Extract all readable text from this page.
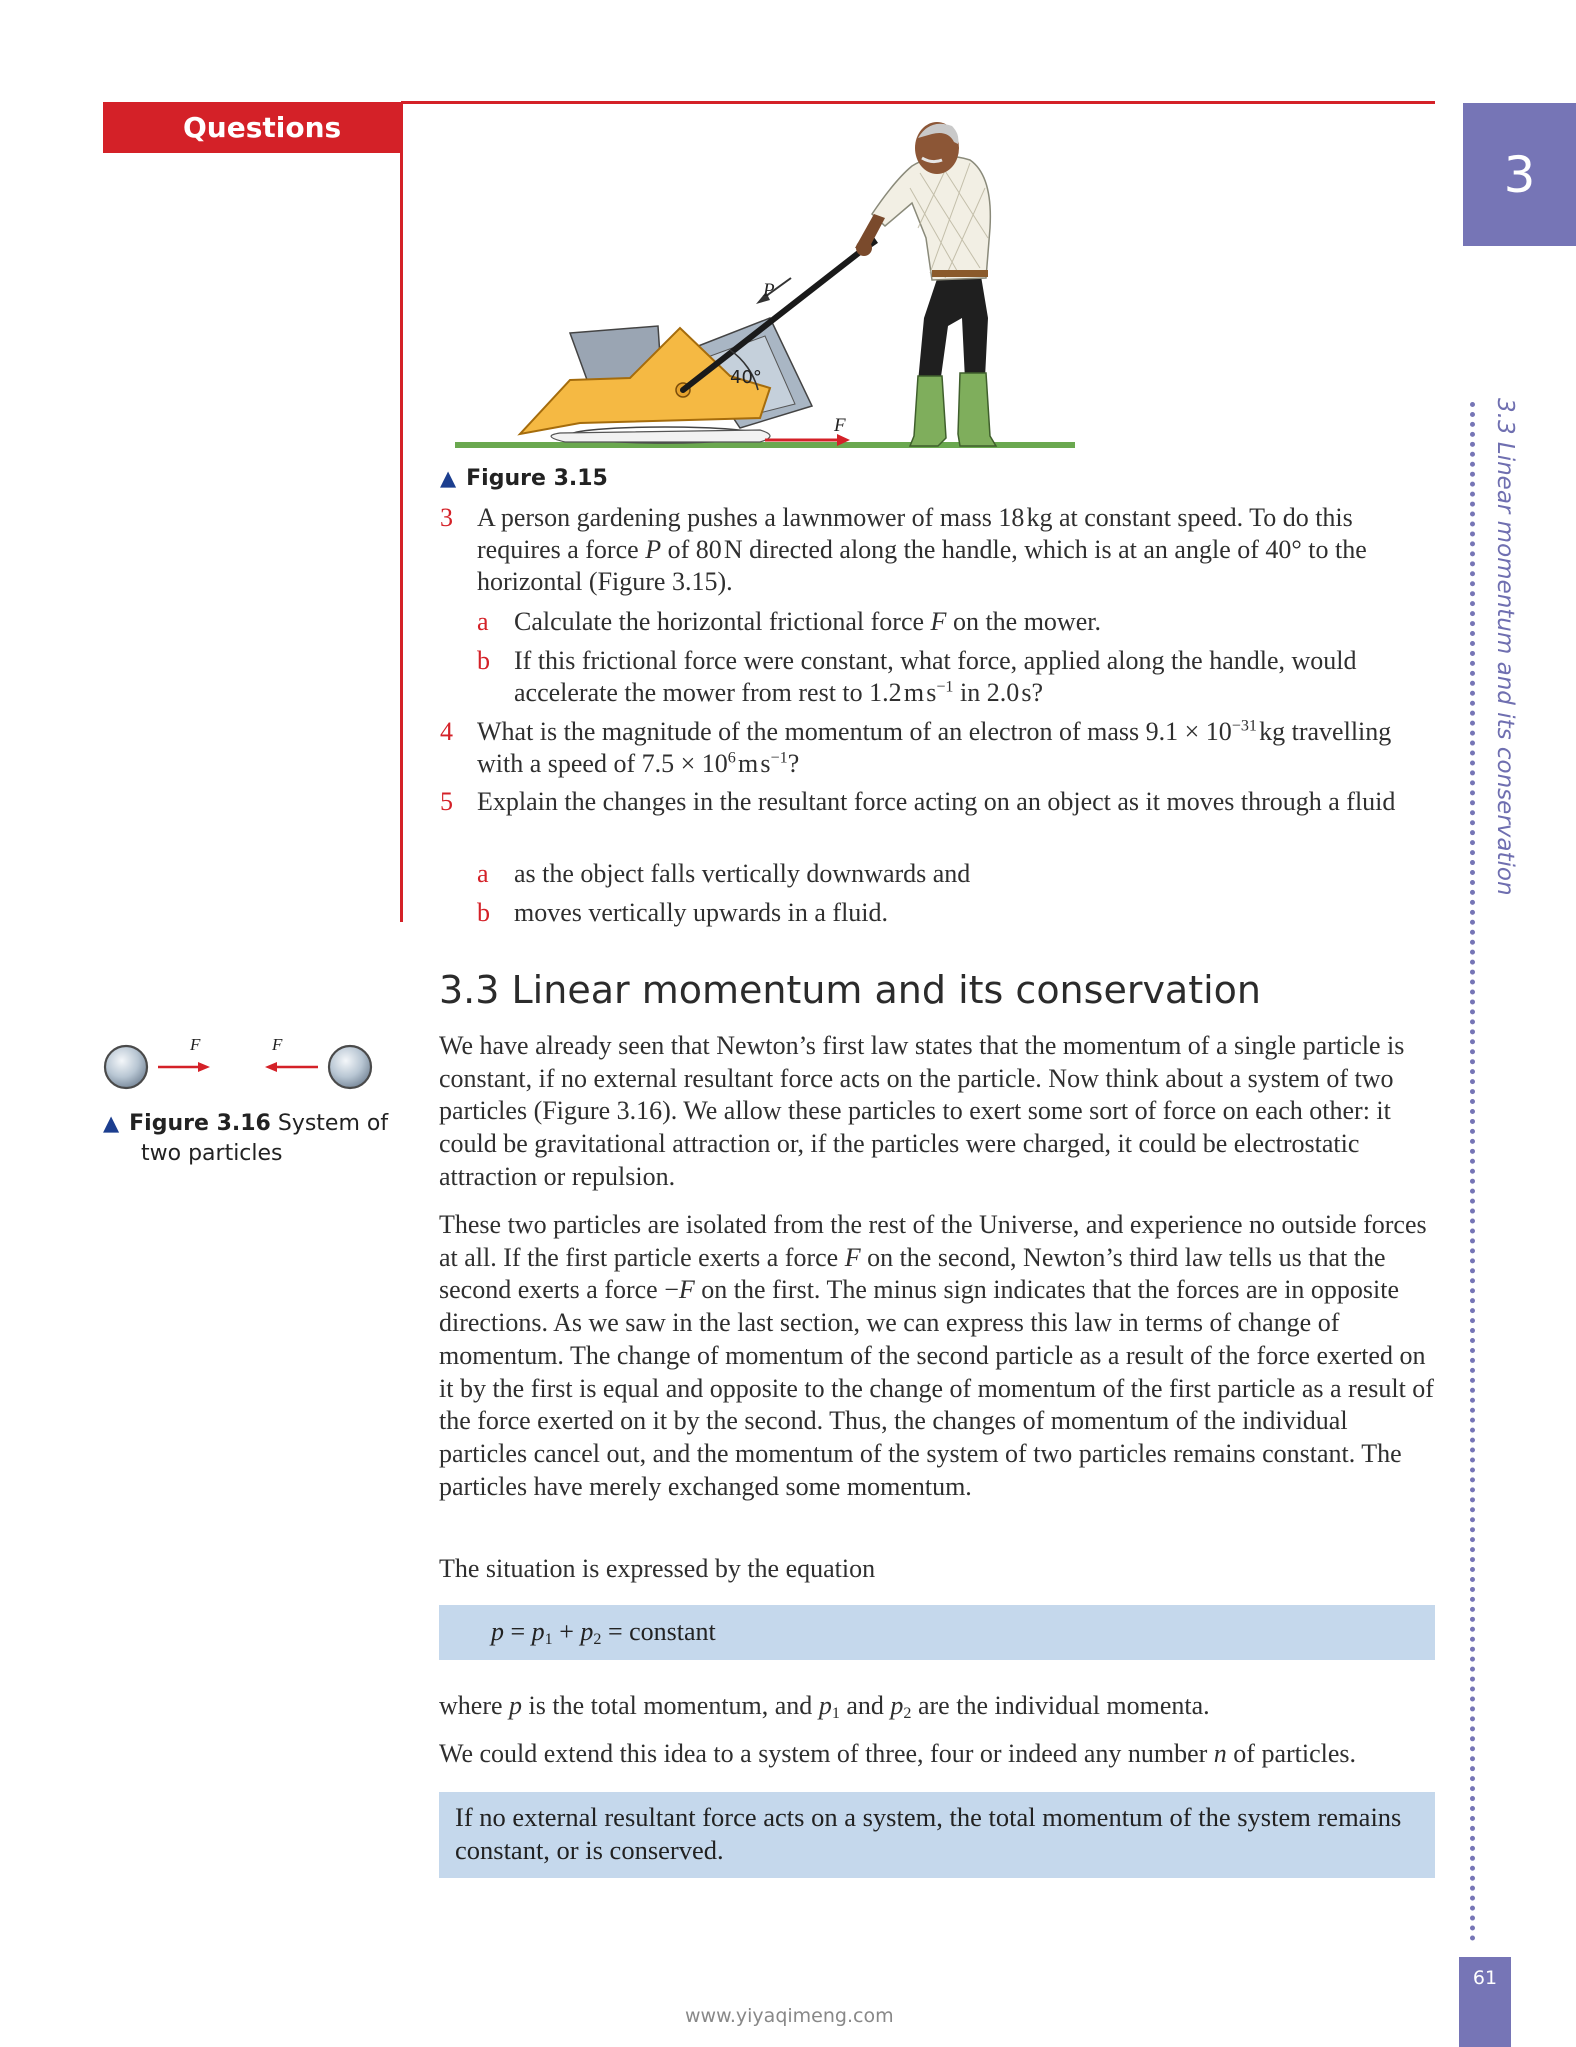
Questions
3
3.3 Linear momentum and its conservation
61
40°
P
F
▲ Figure 3.15
3 A person gardening pushes a lawnmower of mass 18 kg at constant speed. To do this requires a force P of 80 N directed along the handle, which is at an angle of 40° to the horizontal (Figure 3.15).
a Calculate the horizontal frictional force F on the mower.
b If this frictional force were constant, what force, applied along the handle, would accelerate the mower from rest to 1.2 m $s^{-1}$ in 2.0 s?
4 What is the magnitude of the momentum of an electron of mass $9.1 \times 10^{-31}$ kg travelling with a speed of $7.5 \times 10^6$ m $s^{-1}$?
5 Explain the changes in the resultant force acting on an object as it moves through a fluid
a as the object falls vertically downwards and
b moves vertically upwards in a fluid.
3.3 Linear momentum and its conservation
F	F
▲ Figure 3.16 System of
two particles

We have already seen that Newton’s first law states that the momentum of a single particle is constant, if no external resultant force acts on the particle. Now think about a system of two particles (Figure 3.16). We allow these particles to exert some sort of force on each other: it could be gravitational attraction or, if the particles were charged, it could be electrostatic attraction or repulsion.

These two particles are isolated from the rest of the Universe, and experience no outside forces at all. If the first particle exerts a force F on the second, Newton’s third law tells us that the second exerts a force −F on the first. The minus sign indicates that the forces are in opposite directions. As we saw in the last section, we can express this law in terms of change of momentum. The change of momentum of the second particle as a result of the force exerted on it by the first is equal and opposite to the change of momentum of the first particle as a result of the force exerted on it by the second. Thus, the changes of momentum of the individual particles cancel out, and the momentum of the system of two particles remains constant. The particles have merely exchanged some momentum.

The situation is expressed by the equation

$p = p_1 + p_2$ = constant

where p is the total momentum, and $p_1$ and $p_2$ are the individual momenta.

We could extend this idea to a system of three, four or indeed any number n of particles.

If no external resultant force acts on a system, the total momentum of the system remains constant, or is conserved.
www.yiyaqimeng.com
